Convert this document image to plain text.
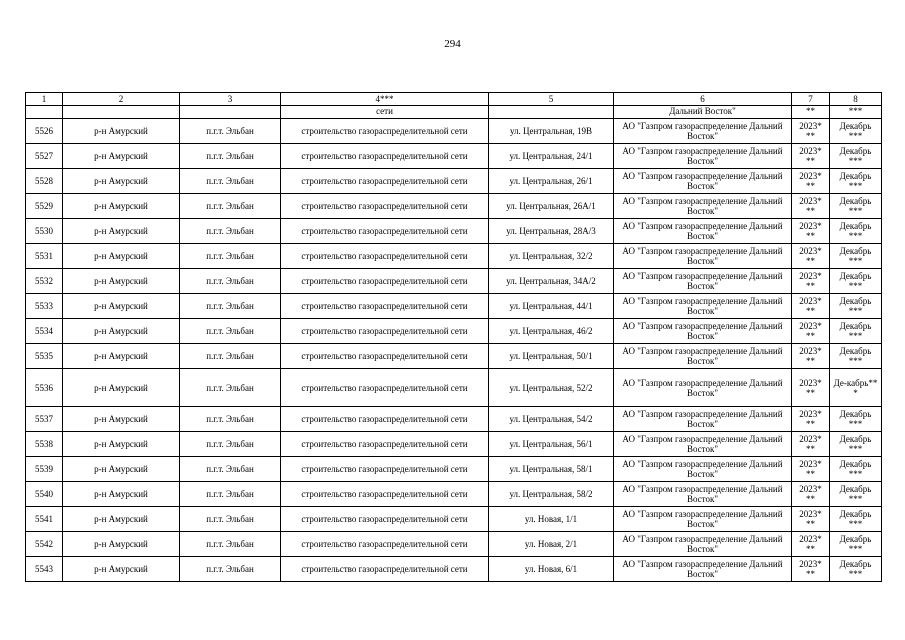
294
1	2	3	4***	5	6	7	8
			сети		Дальний Восток"	**	***
5526	р-н Амурский	п.г.т. Эльбан	строительство газораспределительной сети	ул. Центральная, 19В	АО "Газпром газораспределение Дальний Восток"	2023* **	Декабрь ***
5527	р-н Амурский	п.г.т. Эльбан	строительство газораспределительной сети	ул. Центральная, 24/1	АО "Газпром газораспределение Дальний Восток"	2023* **	Декабрь ***
5528	р-н Амурский	п.г.т. Эльбан	строительство газораспределительной сети	ул. Центральная, 26/1	АО "Газпром газораспределение Дальний Восток"	2023* **	Декабрь ***
5529	р-н Амурский	п.г.т. Эльбан	строительство газораспределительной сети	ул. Центральная, 26А/1	АО "Газпром газораспределение Дальний Восток"	2023* **	Декабрь ***
5530	р-н Амурский	п.г.т. Эльбан	строительство газораспределительной сети	ул. Центральная, 28А/3	АО "Газпром газораспределение Дальний Восток"	2023* **	Декабрь ***
5531	р-н Амурский	п.г.т. Эльбан	строительство газораспределительной сети	ул. Центральная, 32/2	АО "Газпром газораспределение Дальний Восток"	2023* **	Декабрь ***
5532	р-н Амурский	п.г.т. Эльбан	строительство газораспределительной сети	ул. Центральная, 34А/2	АО "Газпром газораспределение Дальний Восток"	2023* **	Декабрь ***
5533	р-н Амурский	п.г.т. Эльбан	строительство газораспределительной сети	ул. Центральная, 44/1	АО "Газпром газораспределение Дальний Восток"	2023* **	Декабрь ***
5534	р-н Амурский	п.г.т. Эльбан	строительство газораспределительной сети	ул. Центральная, 46/2	АО "Газпром газораспределение Дальний Восток"	2023* **	Декабрь ***
5535	р-н Амурский	п.г.т. Эльбан	строительство газораспределительной сети	ул. Центральная, 50/1	АО "Газпром газораспределение Дальний Восток"	2023* **	Декабрь ***
5536	р-н Амурский	п.г.т. Эльбан	строительство газораспределительной сети	ул. Центральная, 52/2	АО "Газпром газораспределение Дальний Восток"	2023* **	Де-кабрь** *
5537	р-н Амурский	п.г.т. Эльбан	строительство газораспределительной сети	ул. Центральная, 54/2	АО "Газпром газораспределение Дальний Восток"	2023* **	Декабрь ***
5538	р-н Амурский	п.г.т. Эльбан	строительство газораспределительной сети	ул. Центральная, 56/1	АО "Газпром газораспределение Дальний Восток"	2023* **	Декабрь ***
5539	р-н Амурский	п.г.т. Эльбан	строительство газораспределительной сети	ул. Центральная, 58/1	АО "Газпром газораспределение Дальний Восток"	2023* **	Декабрь ***
5540	р-н Амурский	п.г.т. Эльбан	строительство газораспределительной сети	ул. Центральная, 58/2	АО "Газпром газораспределение Дальний Восток"	2023* **	Декабрь ***
5541	р-н Амурский	п.г.т. Эльбан	строительство газораспределительной сети	ул. Новая, 1/1	АО "Газпром газораспределение Дальний Восток"	2023* **	Декабрь ***
5542	р-н Амурский	п.г.т. Эльбан	строительство газораспределительной сети	ул. Новая, 2/1	АО "Газпром газораспределение Дальний Восток"	2023* **	Декабрь ***
5543	р-н Амурский	п.г.т. Эльбан	строительство газораспределительной сети	ул. Новая, 6/1	АО "Газпром газораспределение Дальний Восток"	2023* **	Декабрь ***
